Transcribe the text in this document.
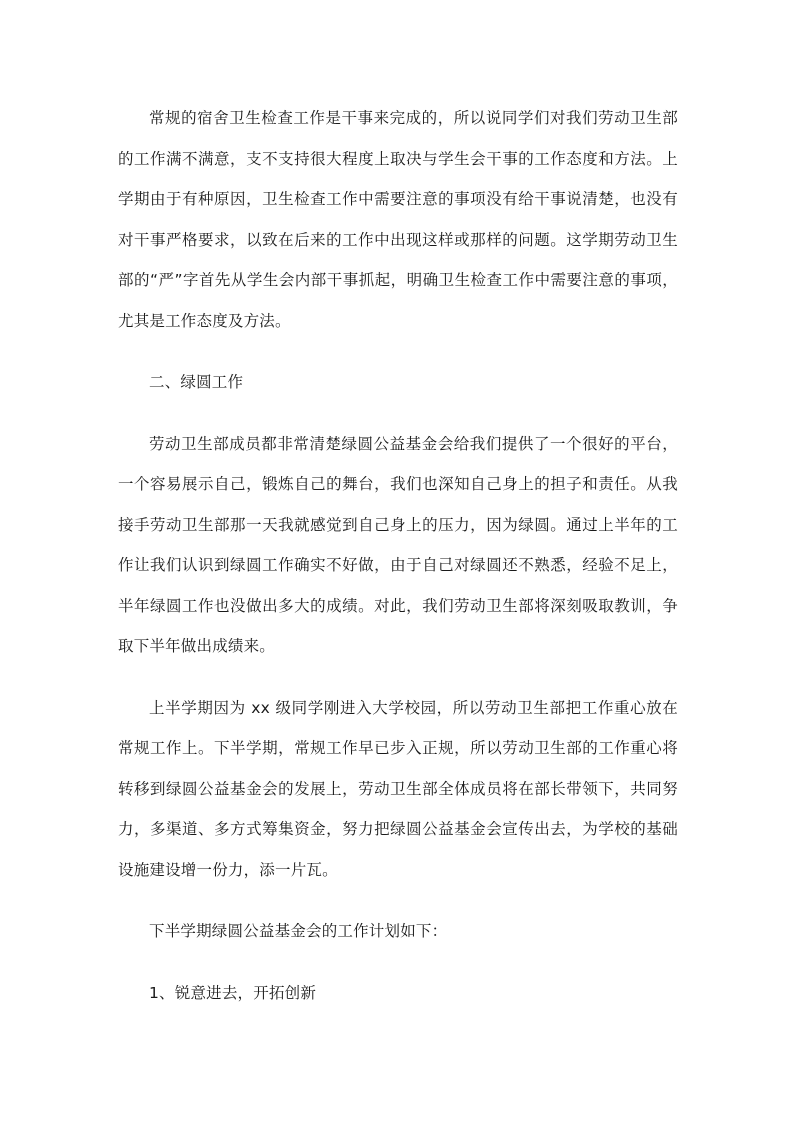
常规的宿舍卫生检查工作是干事来完成的，所以说同学们对我们劳动卫生部的工作满不满意，支不支持很大程度上取决与学生会干事的工作态度和方法。上学期由于有种原因，卫生检查工作中需要注意的事项没有给干事说清楚，也没有对干事严格要求，以致在后来的工作中出现这样或那样的问题。这学期劳动卫生部的“严”字首先从学生会内部干事抓起，明确卫生检查工作中需要注意的事项，尤其是工作态度及方法。

二、绿圆工作

劳动卫生部成员都非常清楚绿圆公益基金会给我们提供了一个很好的平台，一个容易展示自己，锻炼自己的舞台，我们也深知自己身上的担子和责任。从我接手劳动卫生部那一天我就感觉到自己身上的压力，因为绿圆。通过上半年的工作让我们认识到绿圆工作确实不好做，由于自己对绿圆还不熟悉，经验不足上，半年绿圆工作也没做出多大的成绩。对此，我们劳动卫生部将深刻吸取教训，争取下半年做出成绩来。

上半学期因为 xx 级同学刚进入大学校园，所以劳动卫生部把工作重心放在常规工作上。下半学期，常规工作早已步入正规，所以劳动卫生部的工作重心将转移到绿圆公益基金会的发展上，劳动卫生部全体成员将在部长带领下，共同努力，多渠道、多方式筹集资金，努力把绿圆公益基金会宣传出去，为学校的基础设施建设增一份力，添一片瓦。

下半学期绿圆公益基金会的工作计划如下：

1、锐意进去，开拓创新
